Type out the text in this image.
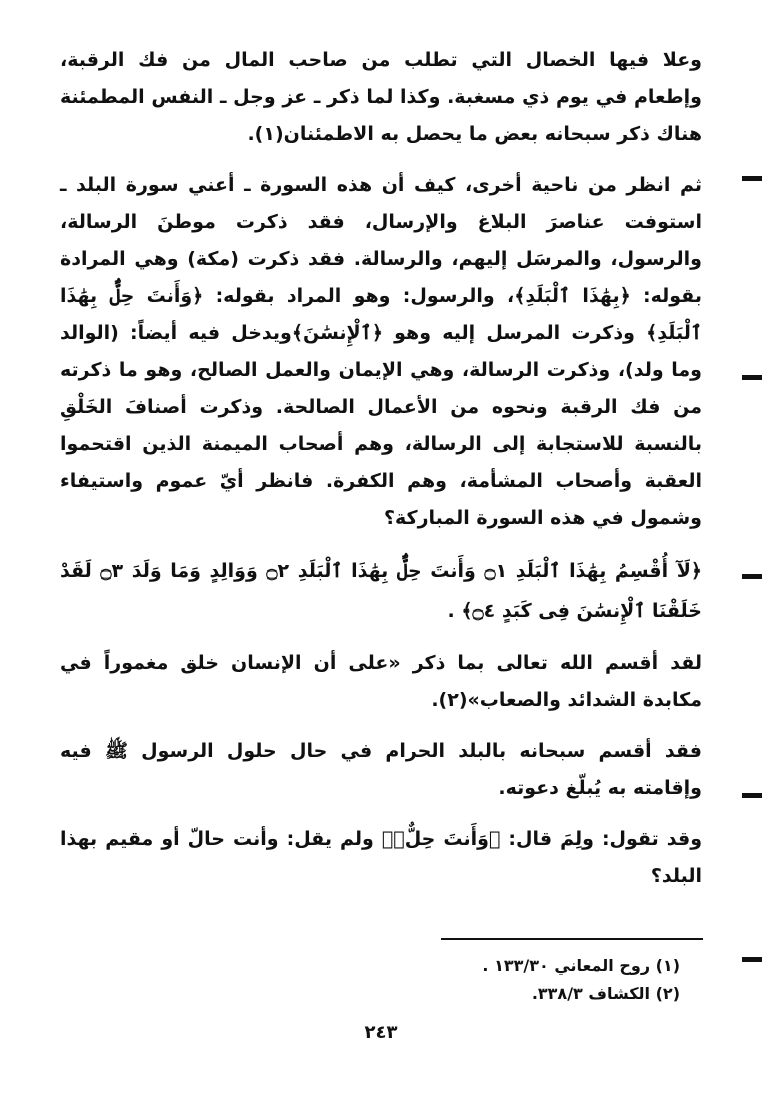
وعلا فيها الخصال التي تطلب من صاحب المال من فك الرقبة، وإطعام في يوم ذي مسغبة. وكذا لما ذكر ـ عز وجل ـ النفس المطمئنة هناك ذكر سبحانه بعض ما يحصل به الاطمئنان(١).

ثم انظر من ناحية أخرى، كيف أن هذه السورة ـ أعني سورة البلد ـ استوفت عناصرَ البلاغ والإرسال، فقد ذكرت موطنَ الرسالة، والرسول، والمرسَل إليهم، والرسالة. فقد ذكرت (مكة) وهي المرادة بقوله: ﴿بِهَٰذَا ٱلْبَلَدِ﴾، والرسول: وهو المراد بقوله: ﴿وَأَنتَ حِلٌّۢ بِهَٰذَا ٱلْبَلَدِ﴾ وذكرت المرسل إليه وهو ﴿ٱلْإِنسَٰنَ﴾ويدخل فيه أيضاً: (الوالد وما ولد)، وذكرت الرسالة، وهي الإيمان والعمل الصالح، وهو ما ذكرته من فك الرقبة ونحوه من الأعمال الصالحة. وذكرت أصنافَ الخَلْقِ بالنسبة للاستجابة إلى الرسالة، وهم أصحاب الميمنة الذين اقتحموا العقبة وأصحاب المشأمة، وهم الكفرة. فانظر أيّ عموم واستيفاء وشمول في هذه السورة المباركة؟

﴿لَآ أُقْسِمُ بِهَٰذَا ٱلْبَلَدِ ۝١ وَأَنتَ حِلٌّۢ بِهَٰذَا ٱلْبَلَدِ ۝٢ وَوَالِدٍ وَمَا وَلَدَ ۝٣ لَقَدْ خَلَقْنَا ٱلْإِنسَٰنَ فِى كَبَدٍ ۝٤﴾ .

لقد أقسم الله تعالى بما ذكر «على أن الإنسان خلق مغموراً في مكابدة الشدائد والصعاب»(٢).

فقد أقسم سبحانه بالبلد الحرام في حال حلول الرسول ﷺ فيه وإقامته به يُبلّغ دعوته.

وقد تقول: ولِمَ قال: ﴿وَأَنتَ حِلٌّۢ﴾ ولم يقل: وأنت حالّ أو مقيم بهذا البلد؟

(١) روح المعاني ١٣٣/٣٠ .
(٢) الكشاف ٣٣٨/٣.
٢٤٣
